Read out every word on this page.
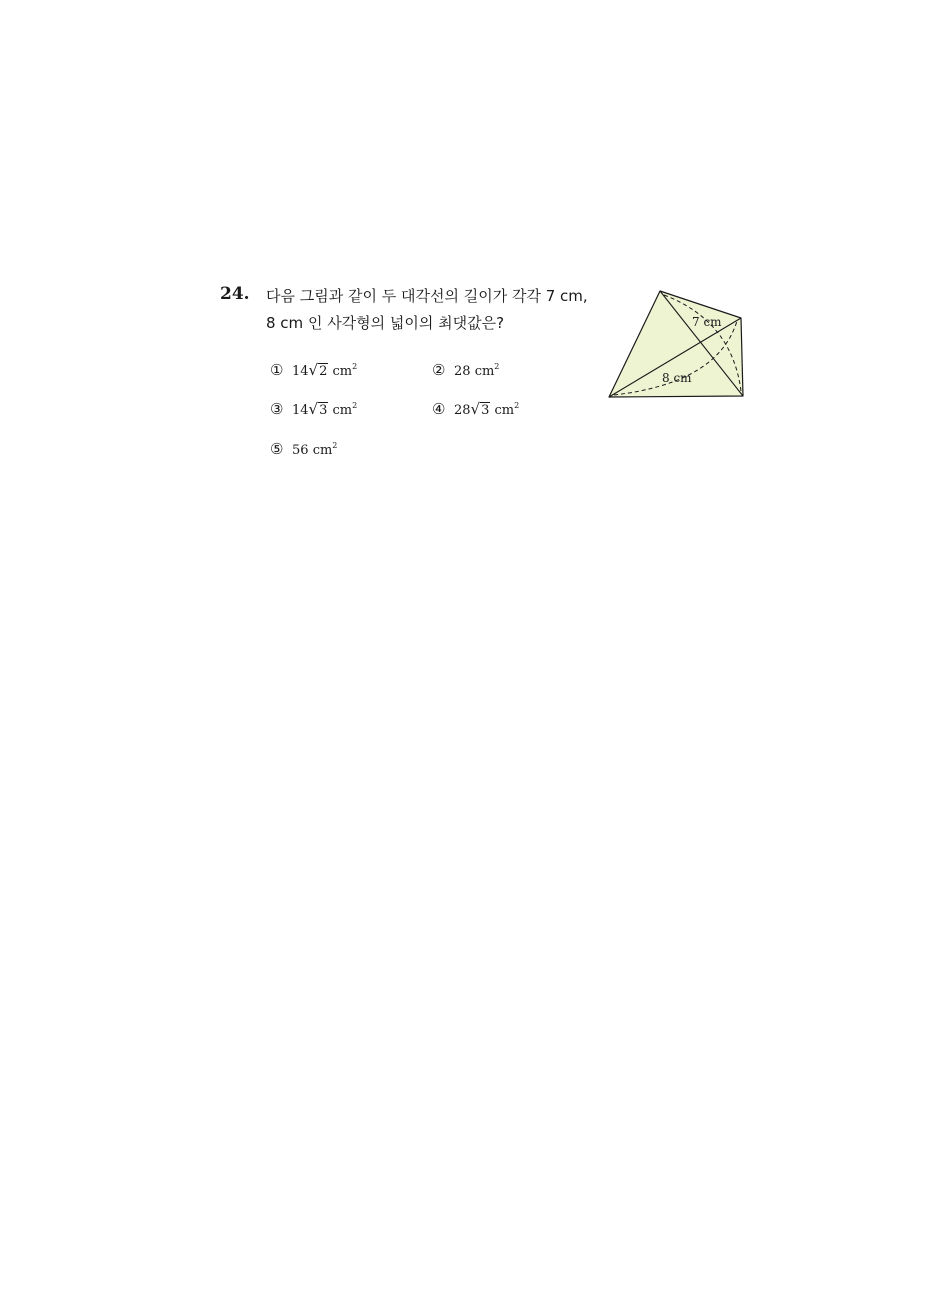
24. 다음 그림과 같이 두 대각선의 길이가 각각 7 cm,
8 cm 인 사각형의 넓이의 최댓값은?
① 14√2 $cm^2$	② 28 $cm^2$
③ 14√3 $cm^2$	④ 28√3 $cm^2$
⑤ 56 $cm^2$
7 cm
8 cm
